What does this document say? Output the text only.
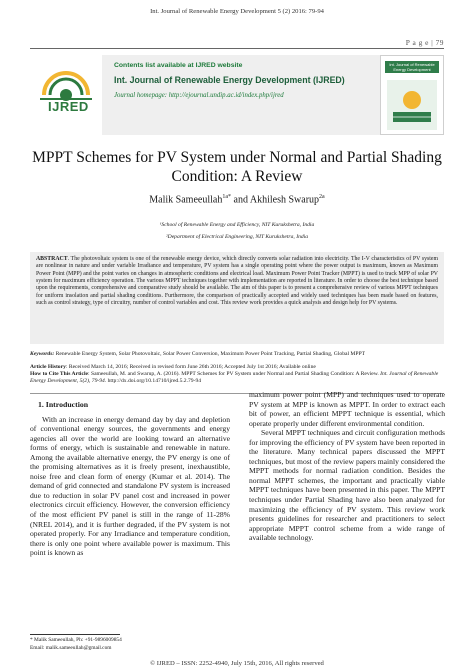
Int. Journal of Renewable Energy Development 5 (2) 2016: 79-94
P a g e | 79
IJRED
Contents list available at IJRED website
Int. Journal of Renewable Energy Development (IJRED)
Journal homepage: http://ejournal.undip.ac.id/index.php/ijred
Int. Journal of Renewable Energy Development
MPPT Schemes for PV System under Normal and Partial Shading
Condition: A Review
Malik Sameeullah$^{1a*}$ and Akhilesh Swarup$^{2a}$
¹School of Renewable Energy and Efficiency, NIT Kurukshetra, India
²Department of Electrical Engineering, NIT Kurukshetra, India
ABSTRACT. The photovoltaic system is one of the renewable energy device, which directly converts solar radiation into electricity. The I-V characteristics of PV system are nonlinear in nature and under variable Irradiance and temperature, PV system has a single operating point where the power output is maximum, known as Maximum Power Point (MPP) and the point varies on changes in atmospheric conditions and electrical load. Maximum Power Point Tracker (MPPT) is used to track MPP of solar PV system for maximum efficiency operation. The various MPPT techniques together with implementation are reported in literature. In order to choose the best technique based upon the requirements, comprehensive and comparative study should be available. The aim of this paper is to present a comprehensive review of various MPPT techniques for uniform insolation and partial shading conditions. Furthermore, the comparison of practically accepted and widely used techniques has been made based on features, such as control strategy, type of circuitry, number of control variables and cost. This review work provides a quick analysis and design help for PV systems.
Keywords: Renewable Energy System, Solar Photovoltaic, Solar Power Conversion, Maximum Power Point Tracking, Partial Shading, Global MPPT
Article History: Received March 14, 2016; Received in revised form June 26th 2016; Accepted July 1st 2016; Available online
How to Cite This Article: Sameeullah, M. and Swarup, A. (2016). MPPT Schemes for PV System under Normal and Partial Shading Condition: A Review. Int. Journal of Renewable Energy Development, 5(2), 79-94. http://dx.doi.org/10.14710/ijred.5.2.79-94
1. Introduction

With an increase in energy demand day by day and depletion of conventional energy sources, the governments and energy agencies all over the world are looking toward an alternative forms of energy, which is sustainable and renewable in nature. Among the available alternative energy, the PV energy is one of the promising alternatives as it is freely present, inexhaustible, noise free and clean form of energy (Kumar et al. 2014). The demand of grid connected and standalone PV system is increased due to reduction in solar PV panel cost and increased in power electronics circuit efficiency. However, the conversion efficiency of the most efficient PV panel is still in the range of 11-28% (NREL 2014), and it is further degraded, if the PV system is not operated properly. For any Irradiance and temperature condition, there is only one point where available power is maximum. This point is known as

maximum power point (MPP) and techniques used to operate PV system at MPP is known as MPPT. In order to extract each bit of power, an efficient MPPT technique is essential, which operate properly under different environmental condition.

Several MPPT techniques and circuit configuration methods for improving the efficiency of PV system have been reported in the literature. Many technical papers discussed the MPPT techniques, but most of the review papers mainly considered the MPPT methods for normal radiation condition. Besides the normal MPPT schemes, the important and practically viable MPPT techniques have been presented in this paper. The MPPT techniques under Partial Shading have also been analyzed for maximizing the efficiency of PV system. This review work presents guidelines for researcher and practitioners to select appropriate MPPT control scheme from a wide range of available technology.

* Malik Sameeullah, Ph: +91-9896009854
Email: malik.sameeullah@gmail.com
© IJRED – ISSN: 2252-4940, July 15th, 2016, All rights reserved
